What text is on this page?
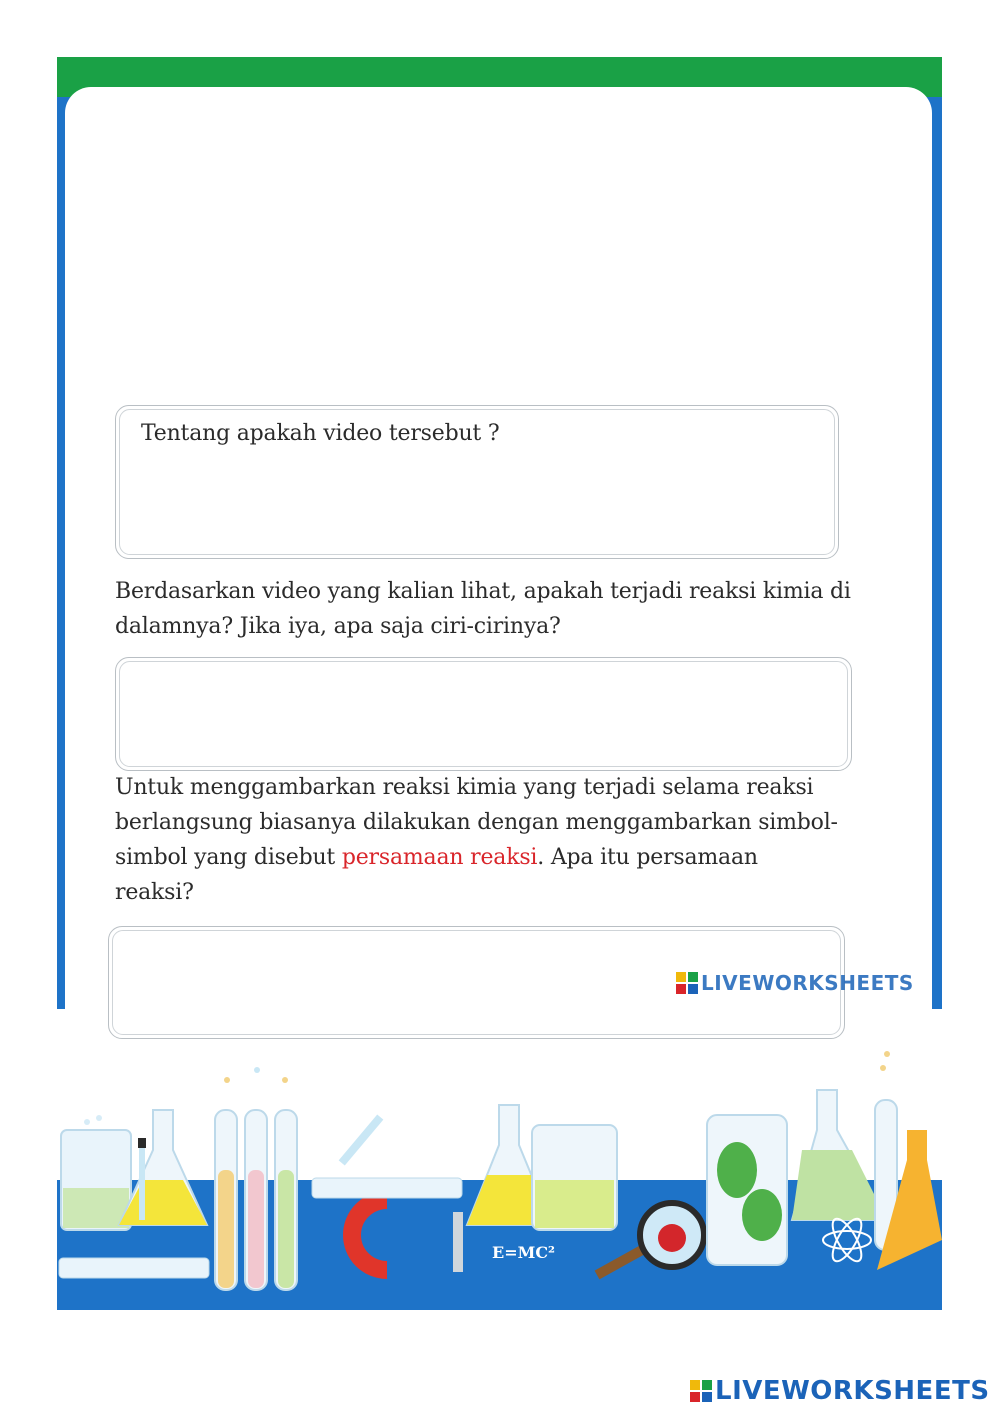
Tentang apakah video tersebut ?
Berdasarkan video yang kalian lihat, apakah terjadi reaksi kimia di
dalamnya? Jika iya, apa saja ciri-cirinya?
Untuk menggambarkan reaksi kimia yang terjadi selama reaksi
berlangsung biasanya dilakukan dengan menggambarkan simbol-
simbol yang disebut persamaan reaksi. Apa itu persamaan
reaksi?
E=MC²
LIVEWORKSHEETS
LIVEWORKSHEETS
